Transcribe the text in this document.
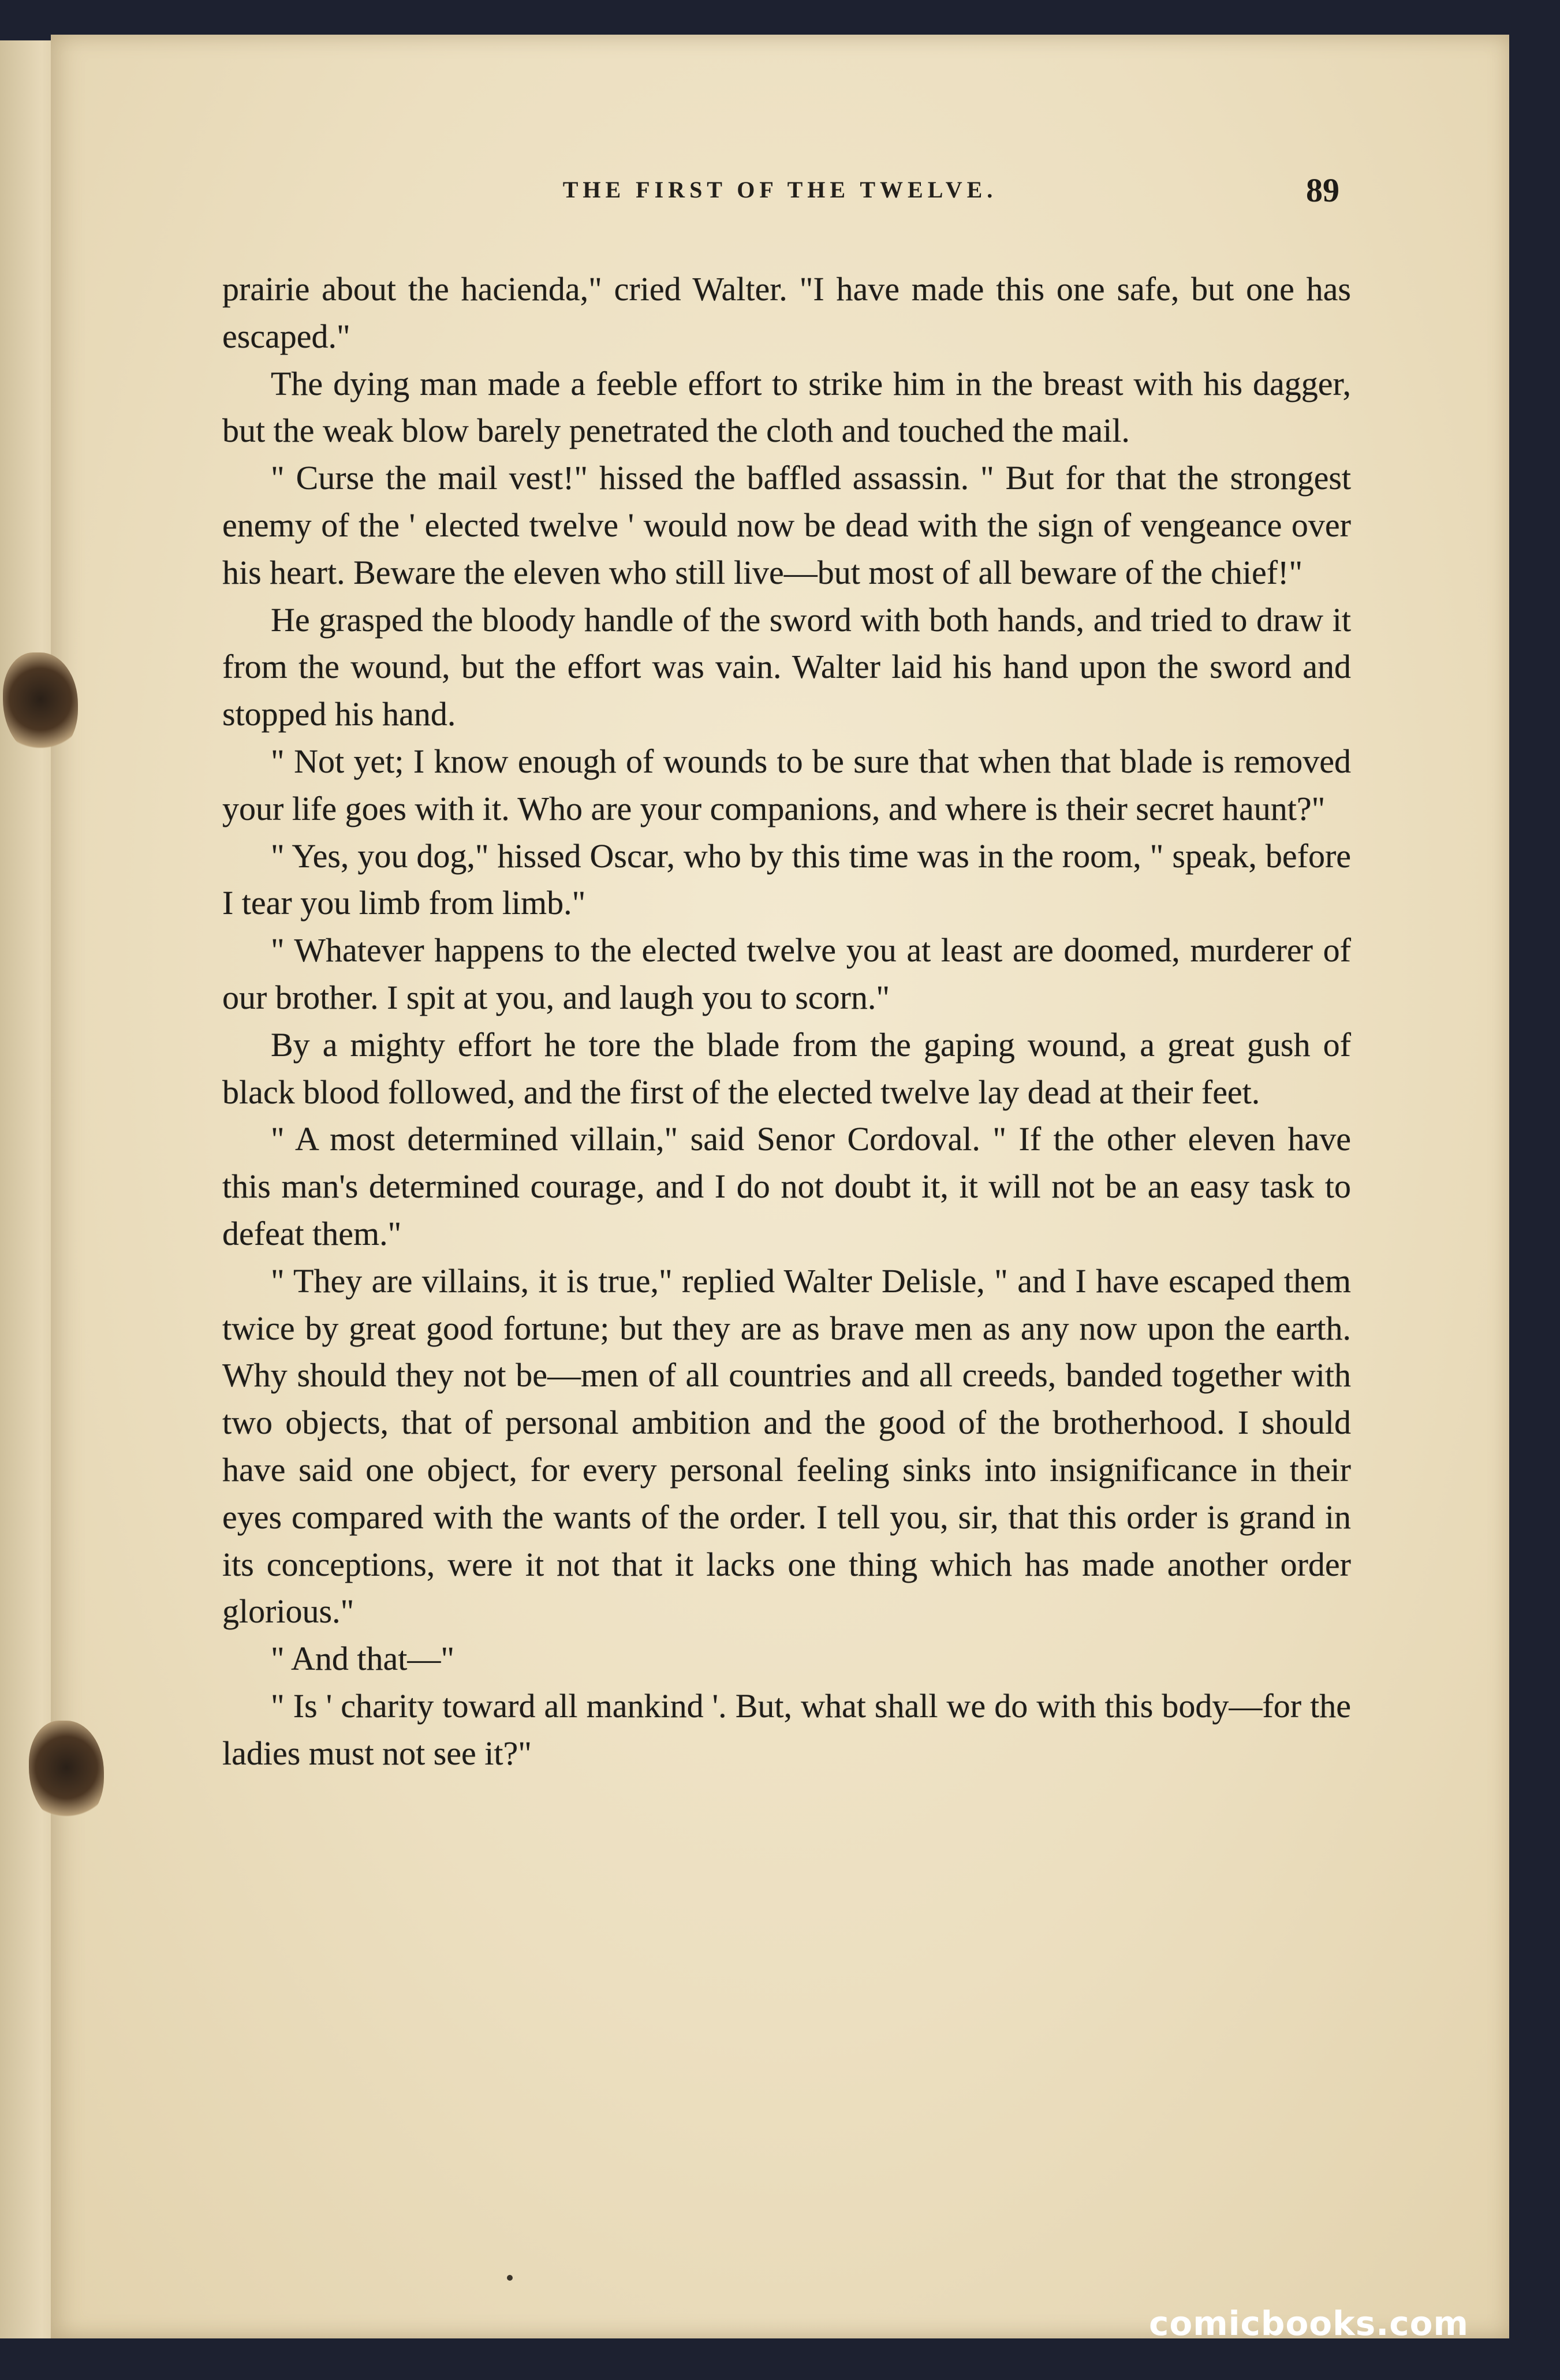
THE FIRST OF THE TWELVE.	89

prairie about the hacienda," cried Walter. "I have made this one safe, but one has escaped."

The dying man made a feeble effort to strike him in the breast with his dagger, but the weak blow barely penetrated the cloth and touched the mail.

" Curse the mail vest!" hissed the baffled assassin. " But for that the strongest enemy of the ' elected twelve ' would now be dead with the sign of vengeance over his heart. Beware the eleven who still live—but most of all beware of the chief!"

He grasped the bloody handle of the sword with both hands, and tried to draw it from the wound, but the effort was vain. Walter laid his hand upon the sword and stopped his hand.

" Not yet; I know enough of wounds to be sure that when that blade is removed your life goes with it. Who are your companions, and where is their secret haunt?"

" Yes, you dog," hissed Oscar, who by this time was in the room, " speak, before I tear you limb from limb."

" Whatever happens to the elected twelve you at least are doomed, murderer of our brother. I spit at you, and laugh you to scorn."

By a mighty effort he tore the blade from the gaping wound, a great gush of black blood followed, and the first of the elected twelve lay dead at their feet.

" A most determined villain," said Senor Cordoval. " If the other eleven have this man's determined courage, and I do not doubt it, it will not be an easy task to defeat them."

" They are villains, it is true," replied Walter Delisle, " and I have escaped them twice by great good fortune; but they are as brave men as any now upon the earth. Why should they not be—men of all countries and all creeds, banded together with two objects, that of personal ambition and the good of the brotherhood. I should have said one object, for every personal feeling sinks into insignificance in their eyes compared with the wants of the order. I tell you, sir, that this order is grand in its conceptions, were it not that it lacks one thing which has made another order glorious."

" And that—"

" Is ' charity toward all mankind '. But, what shall we do with this body—for the ladies must not see it?"

comicbooks.com
